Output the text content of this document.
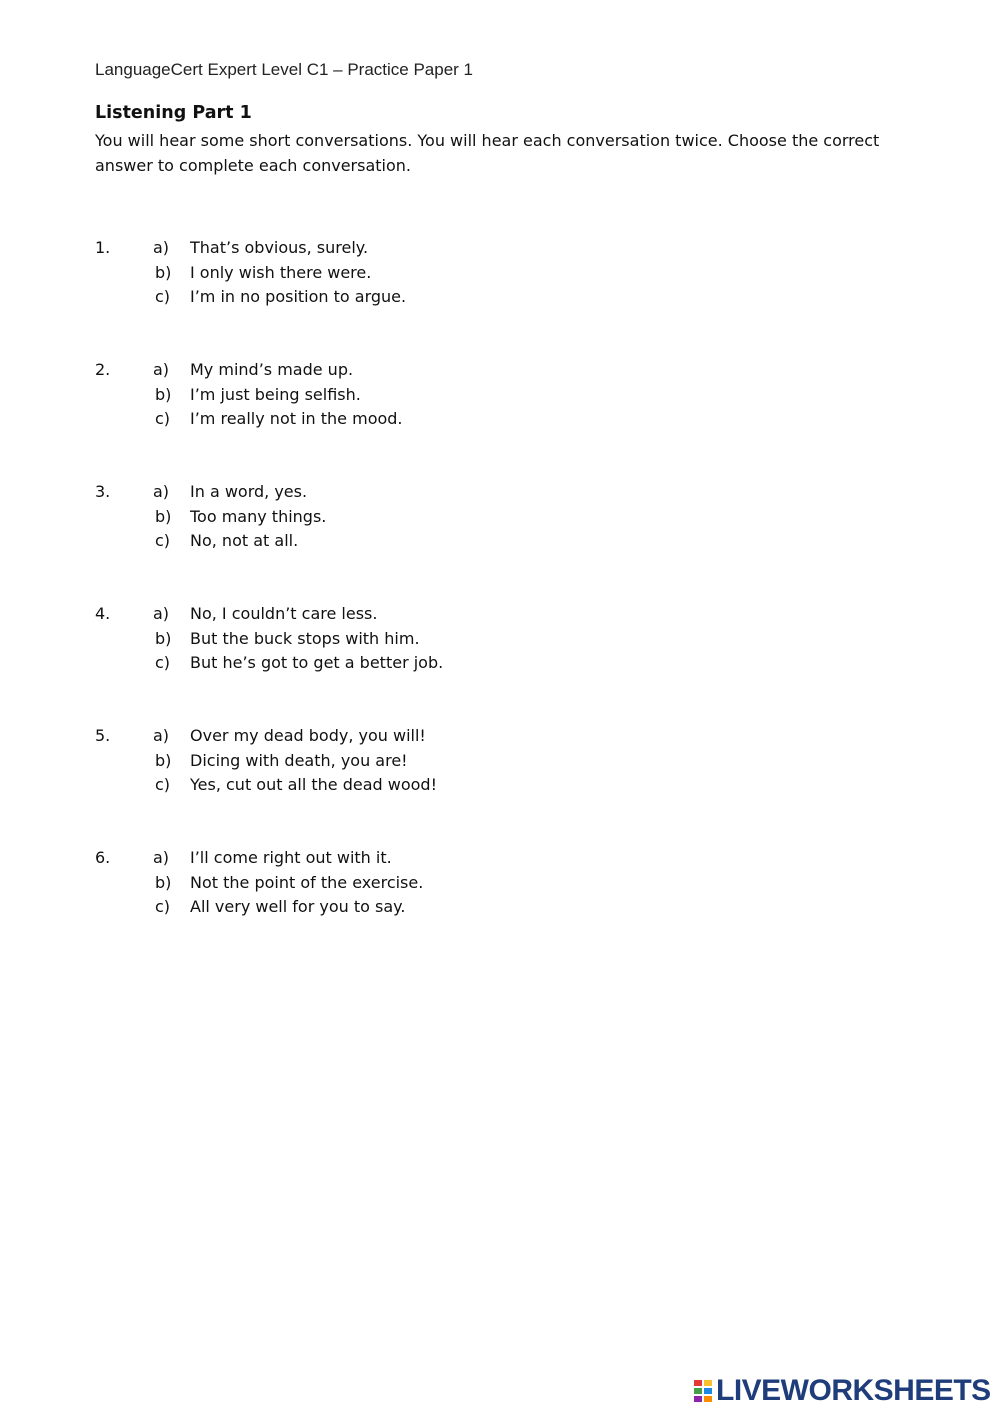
LanguageCert Expert Level C1 – Practice Paper 1
Listening Part 1
You will hear some short conversations. You will hear each conversation twice. Choose the correct answer to complete each conversation.
1.	a) That’s obvious, surely.
b) I only wish there were.
c)	I’m in no position to argue.
2.	a) My mind’s made up.
b) I’m just being selfish.
c)	I’m really not in the mood.
3.	a) In a word, yes.
b) Too many things.
c)	No, not at all.
4.	a) No, I couldn’t care less.
b) But the buck stops with him.
c)	But he’s got to get a better job.
5.	a) Over my dead body, you will!
b) Dicing with death, you are!
c)	Yes, cut out all the dead wood!
6.	a) I’ll come right out with it.
b) Not the point of the exercise.
c)	All very well for you to say.
LIVEWORKSHEETS
